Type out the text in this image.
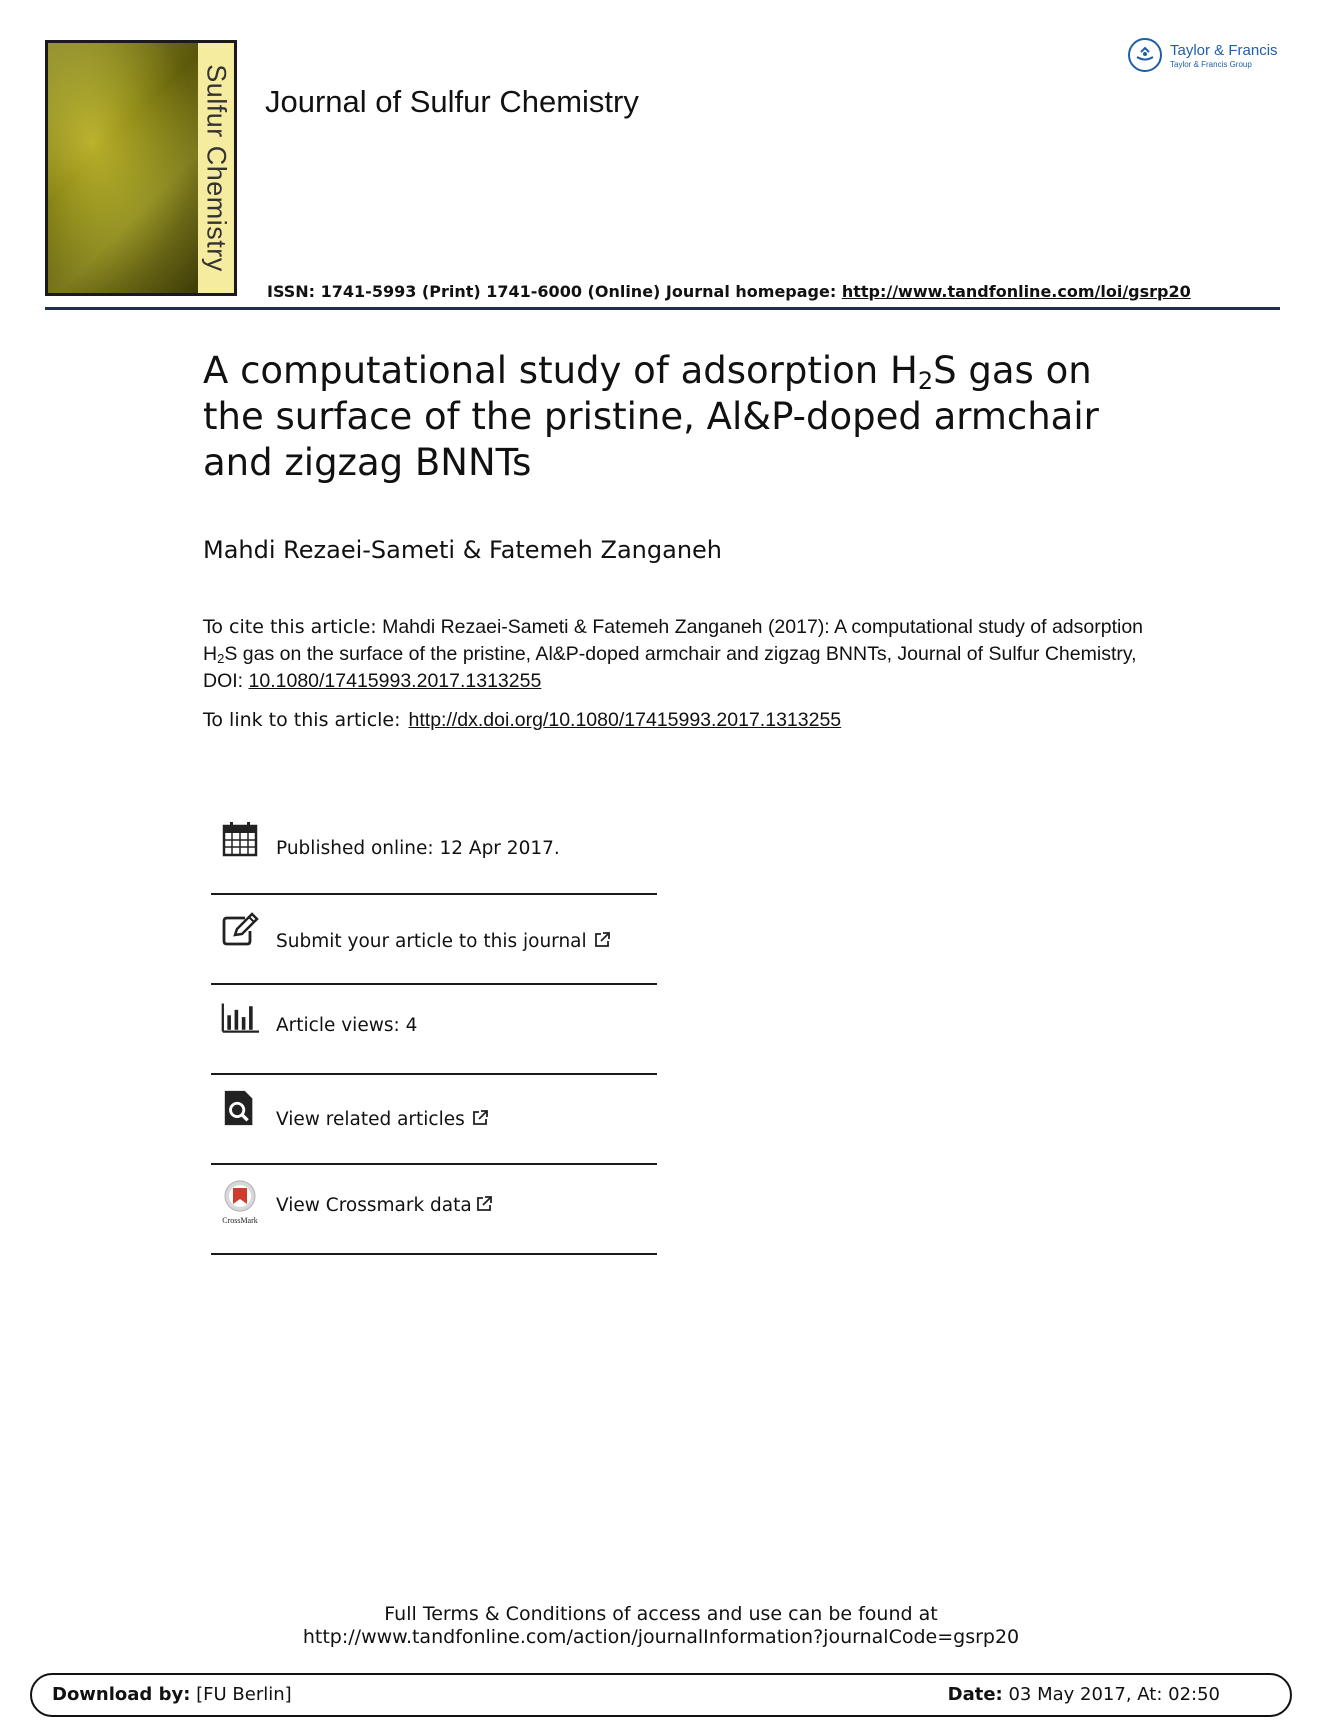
Sulfur Chemistry Journal of Sulfur Chemistry
ISSN: 1741-5993 (Print) 1741-6000 (Online) Journal homepage: http://www.tandfonline.com/loi/gsrp20
Taylor & Francis
Taylor & Francis Group
A computational study of adsorption $H_2S$ gas on the surface of the pristine, Al&P-doped armchair and zigzag BNNTs
Mahdi Rezaei-Sameti & Fatemeh Zanganeh
To cite this article: Mahdi Rezaei-Sameti & Fatemeh Zanganeh (2017): A computational study of adsorption $H_2S$ gas on the surface of the pristine, Al&P-doped armchair and zigzag BNNTs, Journal of Sulfur Chemistry, DOI: 10.1080/17415993.2017.1313255
To link to this article: http://dx.doi.org/10.1080/17415993.2017.1313255
Published online: 12 Apr 2017.
Submit your article to this journal
Article views: 4
View related articles
CrossMark
View Crossmark data
Full Terms & Conditions of access and use can be found at
http://www.tandfonline.com/action/journalInformation?journalCode=gsrp20
Download by: [FU Berlin]	Date: 03 May 2017, At: 02:50
